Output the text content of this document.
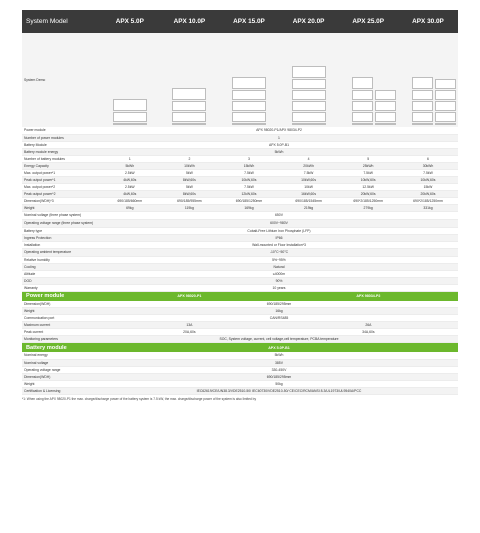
System Model	APX 5.0P	APX 10.0P	APX 15.0P	APX 20.0P	APX 25.0P	APX 30.0P
System Demo	

Power module	APX 98020-P1/APX 98034-P2					
Number of power modules	1					
Battery Module	APX 5.0P-B1					
Battery module energy	5kWh					
Number of battery modules	1	2	3	4	5	6
Energy Capacity	5kWh	10kWh	15kWh	20kWh	25kWh	30kWh
Max. output power*1	2.5kW	5kW	7.5kW	7.5kW	7.5kW	7.5kW
Peak output power*1	4kW,60s	8kW,60s	10kW,60s	10kW,60s	10kW,60s	10kW,60s
Max. output power*2	2.5kW	5kW	7.5kW	10kW	12.5kW	15kW
Peak output power*2	4kW,60s	8kW,60s	12kW,60s	16kW,60s	20kW,60s	20kW,60s
Dimension(WDH)*3	690/185/660mm	690/185/955mm	690/185/1250mm	690/185/1545mm	690*2/185/1250mm	690*2/185/1250mm
Weight	69kg	119kg	169kg	219kg	279kg	331kg
Nominal voltage (three phase system)	650V					
Operating voltage range (three phase system)	600V~980V					
Battery type	Cobalt-Free Lithium Iron Phosphate (LFP)					
Ingress Protection	IP66					
Installation	Wall-mounted or Floor Installation*3					
Operating ambient temperature	-10°C~50°C					
Relative humidity	5%~95%					
Cooling	Natural					
Altitude	≤4000m					
DOD	90%					
Warranty	10 years					
Power module	APX 98020-P1			APX 98034-P2		
Dimension(WDH)	690/185/295mm					
Weight	16kg					
Communication port	CAN/RS485					
Maximum current	13A			26A		
Peak current	20A,60s			34A,60s		
Monitoring parameters	SOC, System voltage, current, cell voltage,cell temperature, PCBA temperature					
Battery module	APX 5.0P-B1					
Nominal energy	5kWh					
Nominal voltage	385V					
Operating voltage range	330-450V					
Dimension(WDH)	690/185/295mm					
Weight	50kg					
Certification & Licensing	IEC62619/CE/UN38.3/VDE2510-50/ IEC60730/VDE2510-50/ CE/CEC/RCM/ANSI 8.3/UL1973/UL9540A/PCC					
*1: When using the APX 98020-P1 the max. charge/discharge power of the battery system is 7.5 kW, the max. charge/discharge power of the system is also limited by
